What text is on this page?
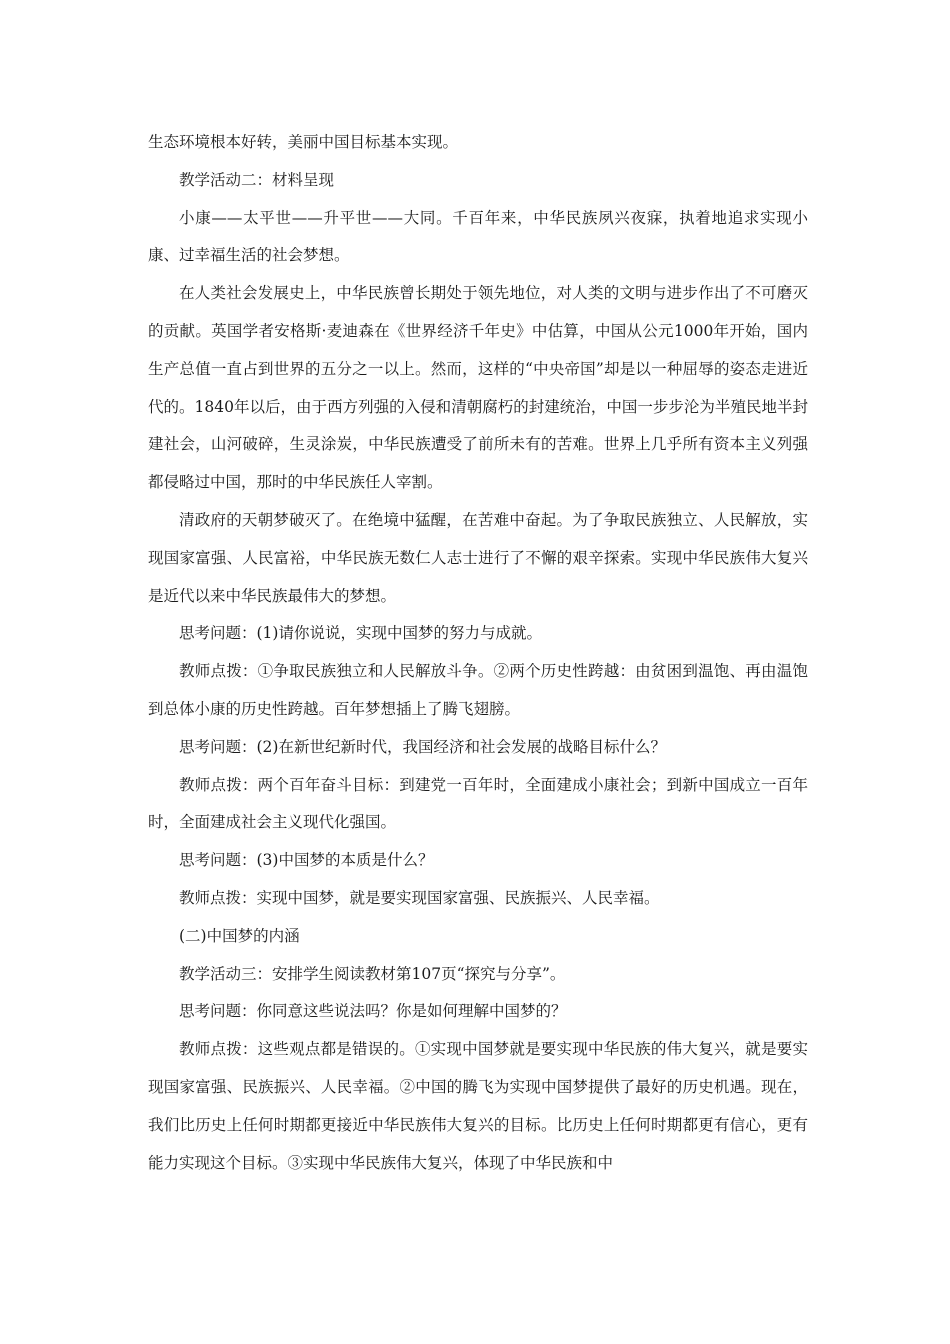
生态环境根本好转，美丽中国目标基本实现。

教学活动二：材料呈现

小康——太平世——升平世——大同。千百年来，中华民族夙兴夜寐，执着地追求实现小康、过幸福生活的社会梦想。

在人类社会发展史上，中华民族曾长期处于领先地位，对人类的文明与进步作出了不可磨灭的贡献。英国学者安格斯·麦迪森在《世界经济千年史》中估算，中国从公元1000年开始，国内生产总值一直占到世界的五分之一以上。然而，这样的“中央帝国”却是以一种屈辱的姿态走进近代的。1840年以后，由于西方列强的入侵和清朝腐朽的封建统治，中国一步步沦为半殖民地半封建社会，山河破碎，生灵涂炭，中华民族遭受了前所未有的苦难。世界上几乎所有资本主义列强都侵略过中国，那时的中华民族任人宰割。

清政府的天朝梦破灭了。在绝境中猛醒，在苦难中奋起。为了争取民族独立、人民解放，实现国家富强、人民富裕，中华民族无数仁人志士进行了不懈的艰辛探索。实现中华民族伟大复兴是近代以来中华民族最伟大的梦想。

思考问题：(1)请你说说，实现中国梦的努力与成就。

教师点拨：①争取民族独立和人民解放斗争。②两个历史性跨越：由贫困到温饱、再由温饱到总体小康的历史性跨越。百年梦想插上了腾飞翅膀。

思考问题：(2)在新世纪新时代，我国经济和社会发展的战略目标什么？

教师点拨：两个百年奋斗目标：到建党一百年时，全面建成小康社会；到新中国成立一百年时，全面建成社会主义现代化强国。

思考问题：(3)中国梦的本质是什么？

教师点拨：实现中国梦，就是要实现国家富强、民族振兴、人民幸福。

(二)中国梦的内涵

教学活动三：安排学生阅读教材第107页“探究与分享”。

思考问题：你同意这些说法吗？你是如何理解中国梦的？

教师点拨：这些观点都是错误的。①实现中国梦就是要实现中华民族的伟大复兴，就是要实现国家富强、民族振兴、人民幸福。②中国的腾飞为实现中国梦提供了最好的历史机遇。现在，我们比历史上任何时期都更接近中华民族伟大复兴的目标。比历史上任何时期都更有信心，更有能力实现这个目标。③实现中华民族伟大复兴，体现了中华民族和中
